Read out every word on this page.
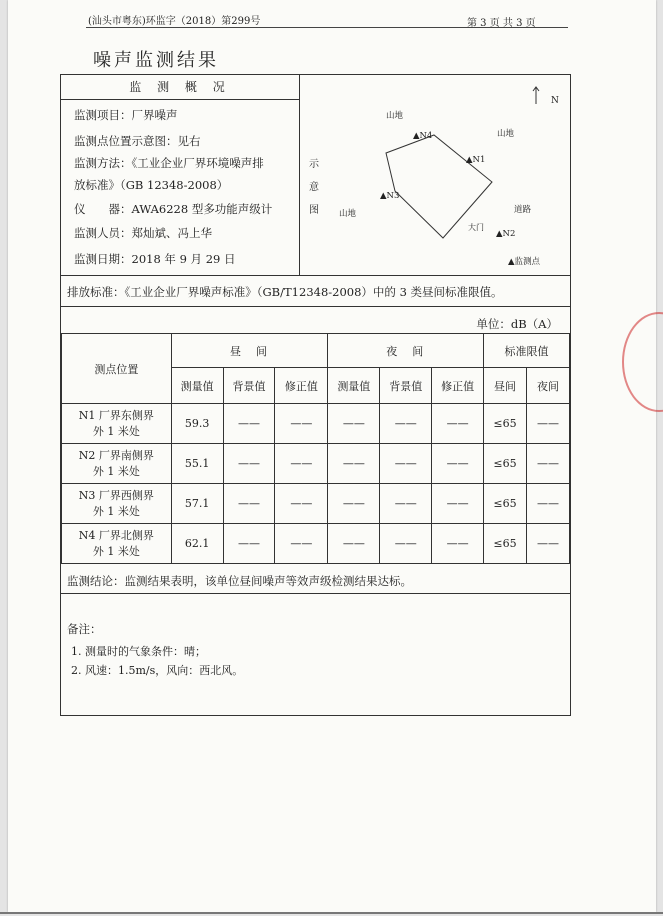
(汕头市粤东)环监字（2018）第299号	第 3 页 共 3 页
噪声监测结果
监 测 概 况
监测项目：厂界噪声
监测点位置示意图：见右
监测方法：《工业企业厂界环境噪声排
放标准》（GB 12348-2008）
仪　　器：AWA6228 型多功能声级计
监测人员：郑灿斌、冯上华
监测日期：2018 年 9 月 29 日
示
意
图
N
山地
山地
山地	道路
大门
▲N1
▲N2
▲N3
▲N4
▲监测点
排放标准：《工业企业厂界噪声标准》（GB/T12348-2008）中的 3 类昼间标准限值。
单位：dB（A）
测点位置	昼　间			夜　间			标准限值	
	测量值	背景值	修正值	测量值	背景值	修正值	昼间	夜间

N1 厂界东侧界
外 1 米处	59.3	——	——	——	——	——	≤65	——

N2 厂界南侧界
外 1 米处	55.1	——	——	——	——	——	≤65	——

N3 厂界西侧界
外 1 米处	57.1	——	——	——	——	——	≤65	——

N4 厂界北侧界
外 1 米处	62.1	——	——	——	——	——	≤65	——
监测结论：监测结果表明，该单位昼间噪声等效声级检测结果达标。
备注：
1. 测量时的气象条件：晴；
2. 风速：1.5m/s，风向：西北风。
